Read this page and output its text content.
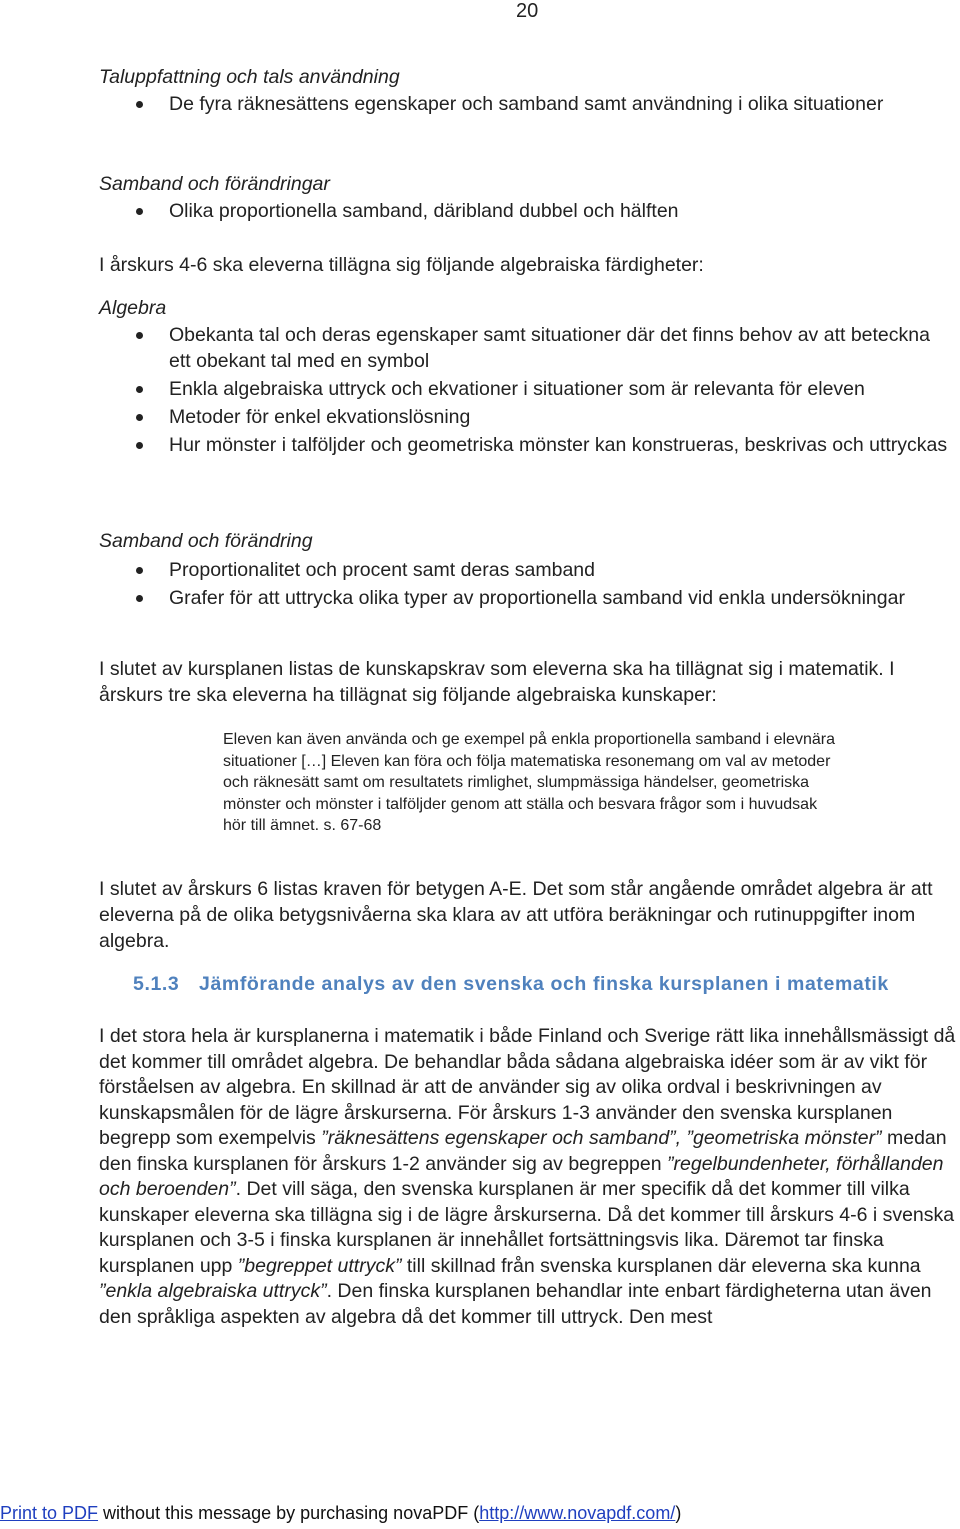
20

Taluppfattning och tals användning

De fyra räknesättens egenskaper och samband samt användning i olika situationer

Samband och förändringar

Olika proportionella samband, däribland dubbel och hälften

I årskurs 4-6 ska eleverna tillägna sig följande algebraiska färdigheter:

Algebra

Obekanta tal och deras egenskaper samt situationer där det finns behov av att beteckna ett obekant tal med en symbol
Enkla algebraiska uttryck och ekvationer i situationer som är relevanta för eleven
Metoder för enkel ekvationslösning
Hur mönster i talföljder och geometriska mönster kan konstrueras, beskrivas och uttryckas

Samband och förändring

Proportionalitet och procent samt deras samband
Grafer för att uttrycka olika typer av proportionella samband vid enkla undersökningar

I slutet av kursplanen listas de kunskapskrav som eleverna ska ha tillägnat sig i matematik. I årskurs tre ska eleverna ha tillägnat sig följande algebraiska kunskaper:

Eleven kan även använda och ge exempel på enkla proportionella samband i elevnära situationer […] Eleven kan föra och följa matematiska resonemang om val av metoder och räknesätt samt om resultatets rimlighet, slumpmässiga händelser, geometriska mönster och mönster i talföljder genom att ställa och besvara frågor som i huvudsak hör till ämnet. s. 67-68

I slutet av årskurs 6 listas kraven för betygen A-E. Det som står angående området algebra är att eleverna på de olika betygsnivåerna ska klara av att utföra beräkningar och rutinuppgifter inom algebra.

5.1.3 Jämförande analys av den svenska och finska kursplanen i matematik

I det stora hela är kursplanerna i matematik i både Finland och Sverige rätt lika innehållsmässigt då det kommer till området algebra. De behandlar båda sådana algebraiska idéer som är av vikt för förståelsen av algebra. En skillnad är att de använder sig av olika ordval i beskrivningen av kunskapsmålen för de lägre årskurserna. För årskurs 1-3 använder den svenska kursplanen begrepp som exempelvis ”räknesättens egenskaper och samband”, ”geometriska mönster” medan den finska kursplanen för årskurs 1-2 använder sig av begreppen ”regelbundenheter, förhållanden och beroenden”. Det vill säga, den svenska kursplanen är mer specifik då det kommer till vilka kunskaper eleverna ska tillägna sig i de lägre årskurserna. Då det kommer till årskurs 4-6 i svenska kursplanen och 3-5 i finska kursplanen är innehållet fortsättningsvis lika. Däremot tar finska kursplanen upp ”begreppet uttryck” till skillnad från svenska kursplanen där eleverna ska kunna ”enkla algebraiska uttryck”. Den finska kursplanen behandlar inte enbart färdigheterna utan även den språkliga aspekten av algebra då det kommer till uttryck. Den mest

Print to PDF without this message by purchasing novaPDF (http://www.novapdf.com/)
